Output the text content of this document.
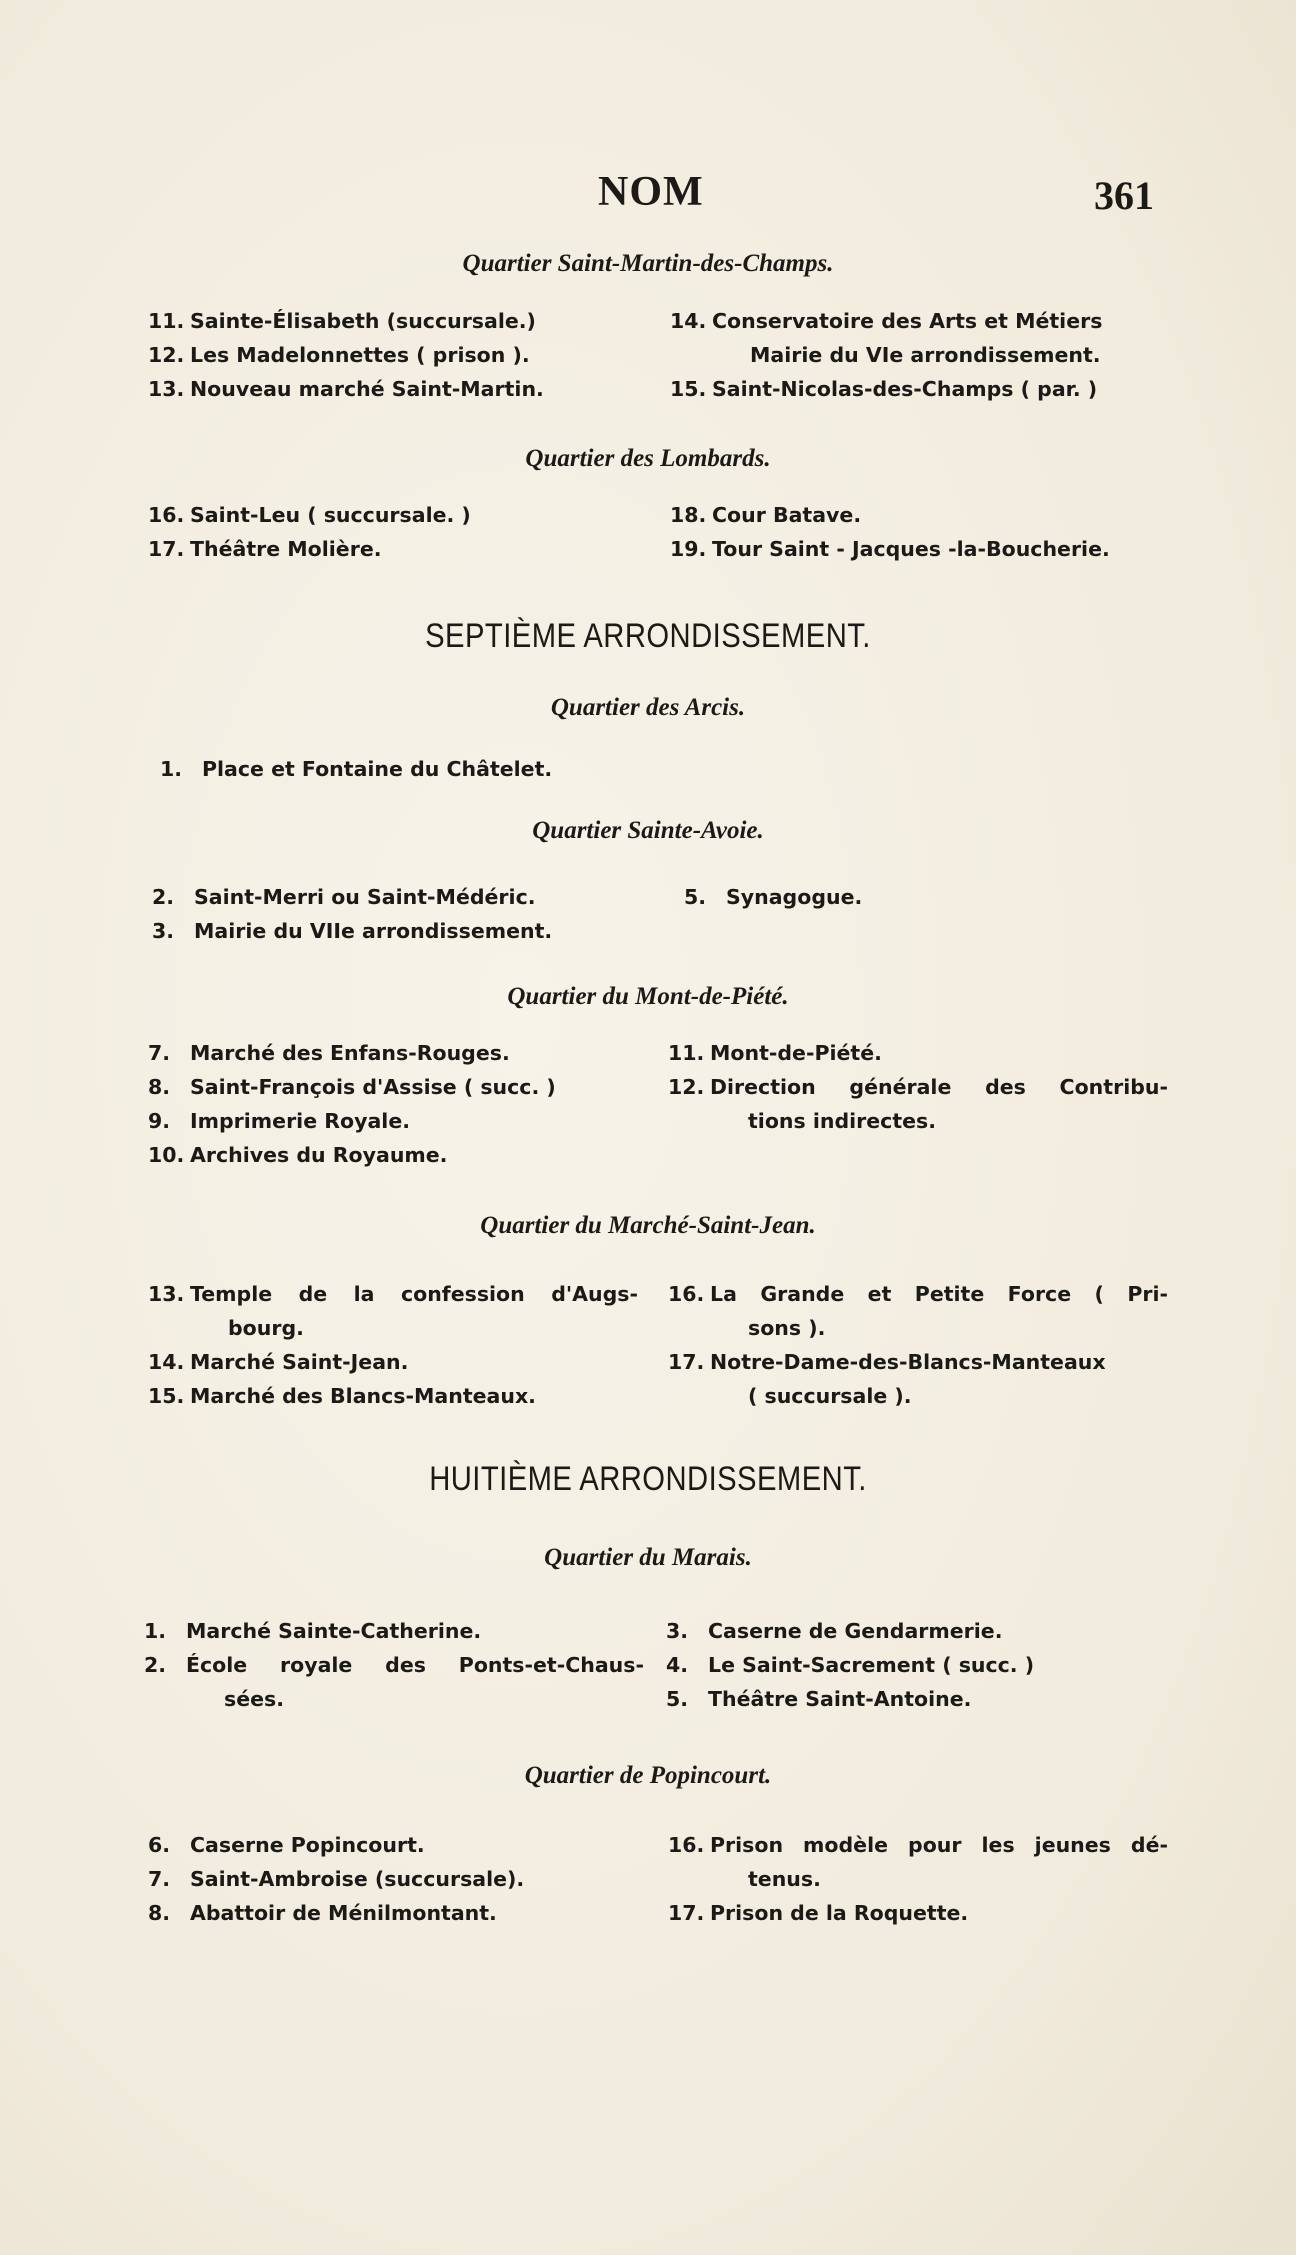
NOM	361
Quartier Saint-Martin-des-Champs.
11. Sainte-Élisabeth (succursale.)
12. Les Madelonnettes ( prison ).
13. Nouveau marché Saint-Martin.
14. Conservatoire des Arts et Métiers
Mairie du VIe arrondissement.
15. Saint-Nicolas-des-Champs ( par. )
Quartier des Lombards.
16. Saint-Leu ( succursale. )
17. Théâtre Molière.
18. Cour Batave.
19. Tour Saint - Jacques -la-Boucherie.
SEPTIÈME ARRONDISSEMENT.
Quartier des Arcis.
1. Place et Fontaine du Châtelet.
Quartier Sainte-Avoie.
2. Saint-Merri ou Saint-Médéric.
3. Mairie du VIIe arrondissement.
5. Synagogue.
Quartier du Mont-de-Piété.
7. Marché des Enfans-Rouges.
8. Saint-François d'Assise ( succ. )
9. Imprimerie Royale.
10. Archives du Royaume.
11. Mont-de-Piété.
12. Direction générale des Contribu-
tions indirectes.
Quartier du Marché-Saint-Jean.
13. Temple de la confession d'Augs-
bourg.
14. Marché Saint-Jean.
15. Marché des Blancs-Manteaux.
16. La Grande et Petite Force ( Pri-
sons ).
17. Notre-Dame-des-Blancs-Manteaux
( succursale ).
HUITIÈME ARRONDISSEMENT.
Quartier du Marais.
1. Marché Sainte-Catherine.
2. École royale des Ponts-et-Chaus-
sées.
3. Caserne de Gendarmerie.
4. Le Saint-Sacrement ( succ. )
5. Théâtre Saint-Antoine.
Quartier de Popincourt.
6. Caserne Popincourt.
7. Saint-Ambroise (succursale).
8. Abattoir de Ménilmontant.
16. Prison modèle pour les jeunes dé-
tenus.
17. Prison de la Roquette.
